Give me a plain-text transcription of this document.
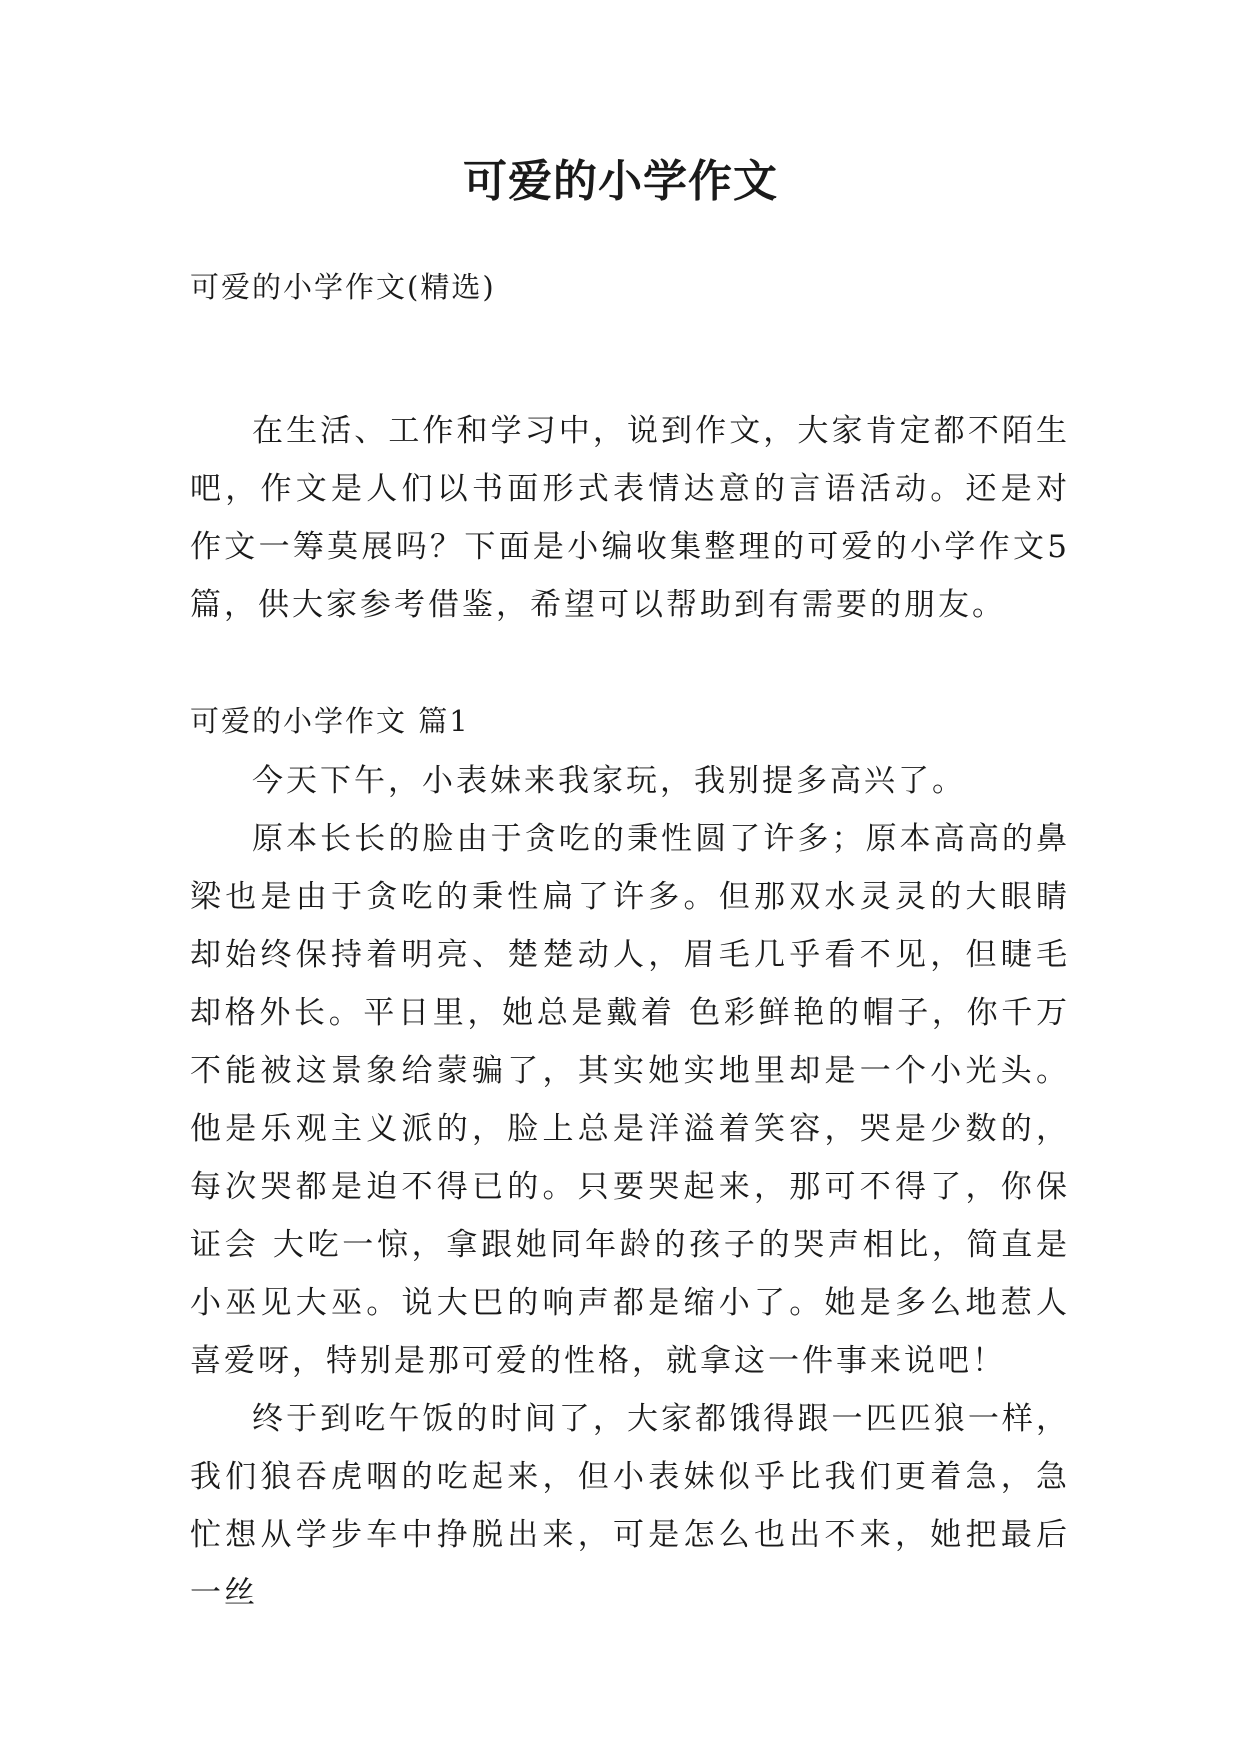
可爱的小学作文

可爱的小学作文(精选)

在生活、工作和学习中，说到作文，大家肯定都不陌生吧，作文是人们以书面形式表情达意的言语活动。还是对作文一筹莫展吗？下面是小编收集整理的可爱的小学作文5篇，供大家参考借鉴，希望可以帮助到有需要的朋友。

可爱的小学作文 篇1

今天下午，小表妹来我家玩，我别提多高兴了。

原本长长的脸由于贪吃的秉性圆了许多；原本高高的鼻梁也是由于贪吃的秉性扁了许多。但那双水灵灵的大眼睛却始终保持着明亮、楚楚动人，眉毛几乎看不见，但睫毛却格外长。平日里，她总是戴着 色彩鲜艳的帽子，你千万不能被这景象给蒙骗了，其实她实地里却是一个小光头。他是乐观主义派的，脸上总是洋溢着笑容，哭是少数的，每次哭都是迫不得已的。只要哭起来，那可不得了，你保证会 大吃一惊，拿跟她同年龄的孩子的哭声相比，简直是小巫见大巫。说大巴的响声都是缩小了。她是多么地惹人喜爱呀，特别是那可爱的性格，就拿这一件事来说吧！

终于到吃午饭的时间了，大家都饿得跟一匹匹狼一样，我们狼吞虎咽的吃起来，但小表妹似乎比我们更着急，急忙想从学步车中挣脱出来，可是怎么也出不来，她把最后一丝
